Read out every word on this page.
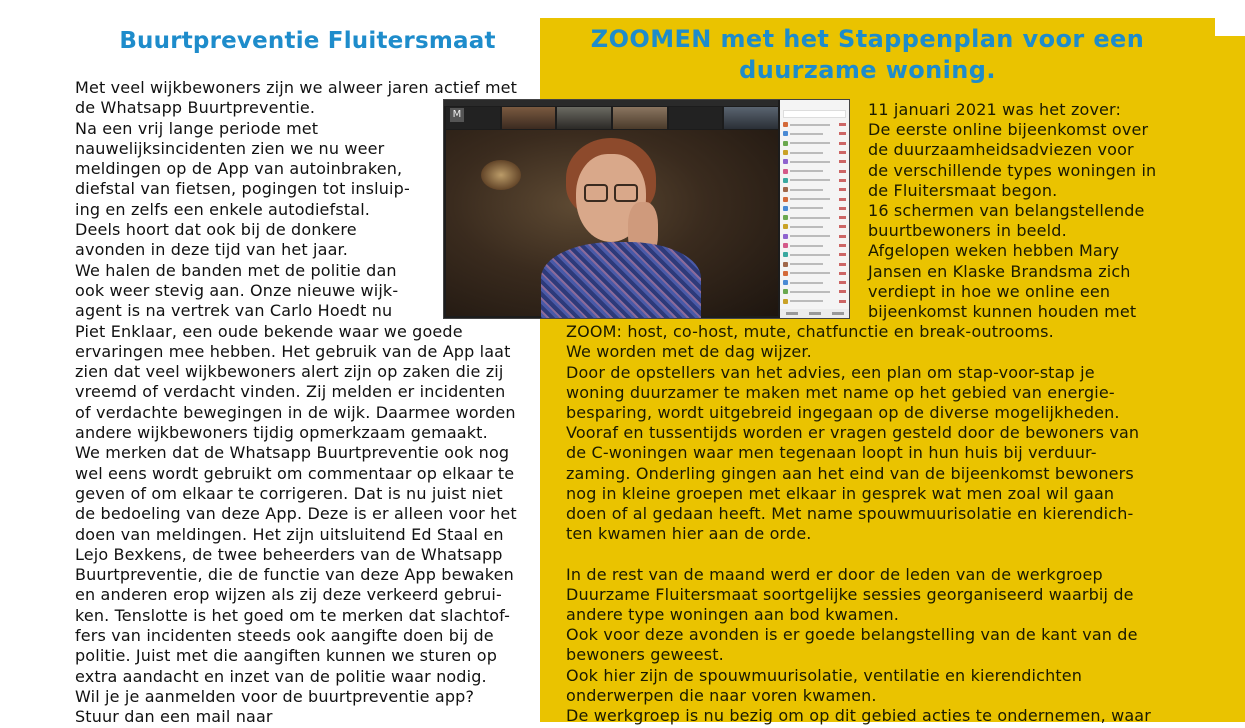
Buurtpreventie Fluitersmaat
Met veel wijkbewoners zijn we alweer jaren actief met
de Whatsapp Buurtpreventie.
Na een vrij lange periode met
nauwelijksincidenten zien we nu weer
meldingen op de App van autoinbraken,
diefstal van fietsen, pogingen tot insluip-
ing en zelfs een enkele autodiefstal.
Deels hoort dat ook bij de donkere
avonden in deze tijd van het jaar.
We halen de banden met de politie dan
ook weer stevig aan. Onze nieuwe wijk-
agent is na vertrek van Carlo Hoedt nu
Piet Enklaar, een oude bekende waar we goede
ervaringen mee hebben. Het gebruik van de App laat
zien dat veel wijkbewoners alert zijn op zaken die zij
vreemd of verdacht vinden. Zij melden er incidenten
of verdachte bewegingen in de wijk. Daarmee worden
andere wijkbewoners tijdig opmerkzaam gemaakt.
We merken dat de Whatsapp Buurtpreventie ook nog
wel eens wordt gebruikt om commentaar op elkaar te
geven of om elkaar te corrigeren. Dat is nu juist niet
de bedoeling van deze App. Deze is er alleen voor het
doen van meldingen. Het zijn uitsluitend Ed Staal en
Lejo Bexkens, de twee beheerders van de Whatsapp
Buurtpreventie, die de functie van deze App bewaken
en anderen erop wijzen als zij deze verkeerd gebrui-
ken. Tenslotte is het goed om te merken dat slachtof-
fers van incidenten steeds ook aangifte doen bij de
politie. Juist met die aangiften kunnen we sturen op
extra aandacht en inzet van de politie waar nodig.
Wil je je aanmelden voor de buurtpreventie app?
Stuur dan een mail naar
ZOOMEN met het Stappenplan voor een
duurzame woning.
11 januari 2021 was het zover:
De eerste online bijeenkomst over
de duurzaamheidsadviezen voor
de verschillende types woningen in
de Fluitersmaat begon.
16 schermen van belangstellende
buurtbewoners in beeld.
Afgelopen weken hebben Mary
Jansen en Klaske Brandsma zich
verdiept in hoe we online een
bijeenkomst kunnen houden met
ZOOM: host, co-host, mute, chatfunctie en break-outrooms.
We worden met de dag wijzer.
Door de opstellers van het advies, een plan om stap-voor-stap je
woning duurzamer te maken met name op het gebied van energie-
besparing, wordt uitgebreid ingegaan op de diverse mogelijkheden.
Vooraf en tussentijds worden er vragen gesteld door de bewoners van
de C-woningen waar men tegenaan loopt in hun huis bij verduur-
zaming. Onderling gingen aan het eind van de bijeenkomst bewoners
nog in kleine groepen met elkaar in gesprek wat men zoal wil gaan
doen of al gedaan heeft. Met name spouwmuurisolatie en kierendich-
ten kwamen hier aan de orde.
In de rest van de maand werd er door de leden van de werkgroep
Duurzame Fluitersmaat soortgelijke sessies georganiseerd waarbij de
andere type woningen aan bod kwamen.
Ook voor deze avonden is er goede belangstelling van de kant van de
bewoners geweest.
Ook hier zijn de spouwmuurisolatie, ventilatie en kierendichten
onderwerpen die naar voren kwamen.
De werkgroep is nu bezig om op dit gebied acties te ondernemen, waar
M
